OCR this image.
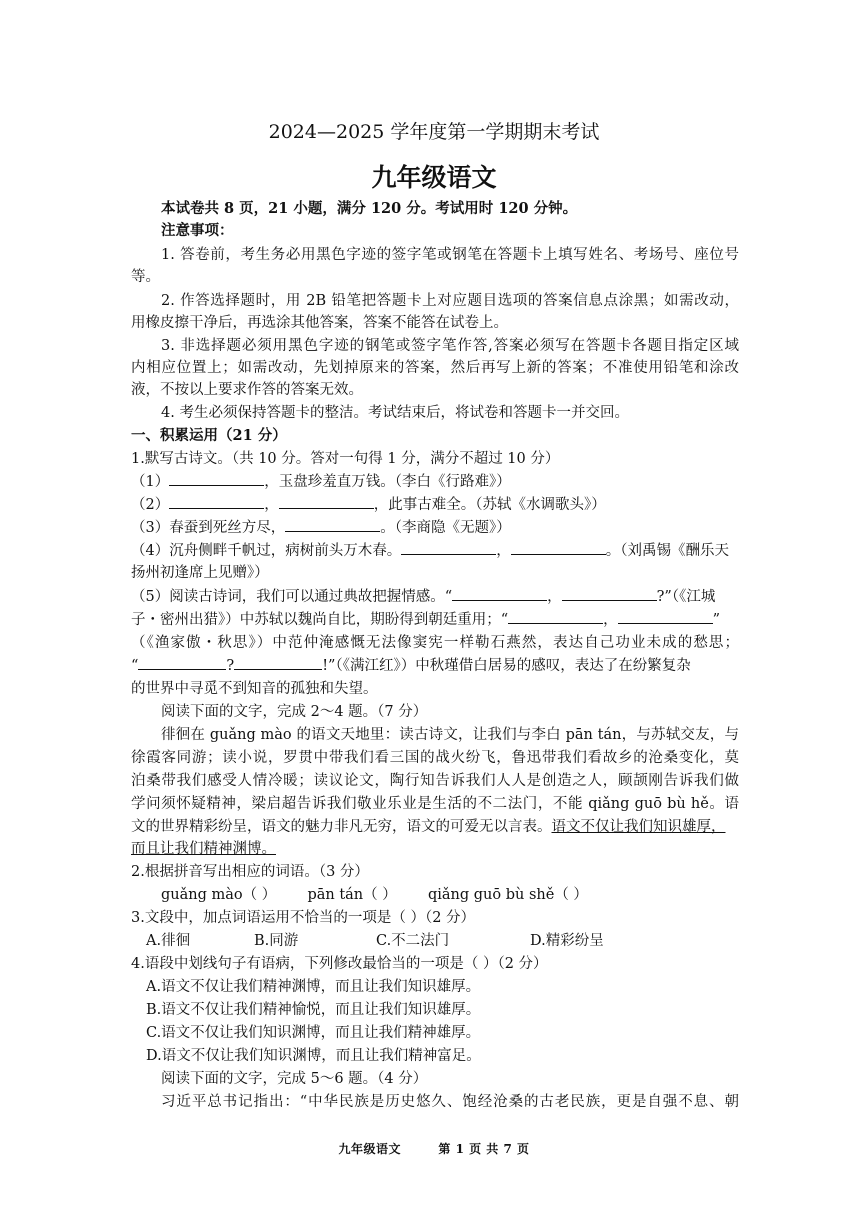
2024—2025 学年度第一学期期末考试
九年级语文
本试卷共 8 页，21 小题，满分 120 分。考试用时 120 分钟。
注意事项：
1. 答卷前，考生务必用黑色字迹的签字笔或钢笔在答题卡上填写姓名、考场号、座位号
等。
2. 作答选择题时，用 2B 铅笔把答题卡上对应题目选项的答案信息点涂黑；如需改动，
用橡皮擦干净后，再选涂其他答案，答案不能答在试卷上。
3. 非选择题必须用黑色字迹的钢笔或签字笔作答,答案必须写在答题卡各题目指定区域
内相应位置上；如需改动，先划掉原来的答案，然后再写上新的答案；不准使用铅笔和涂改
液，不按以上要求作答的答案无效。
4. 考生必须保持答题卡的整洁。考试结束后，将试卷和答题卡一并交回。
一、积累运用（21 分）
1.默写古诗文。（共 10 分。答对一句得 1 分，满分不超过 10 分）
（1）	，玉盘珍羞直万钱。（李白《行路难》）
（2）	，	，此事古难全。（苏轼《水调歌头》）
（3）春蚕到死丝方尽，	。（李商隐《无题》）
（4）沉舟侧畔千帆过，病树前头万木春。	，	。（刘禹锡《酬乐天
扬州初逢席上见赠》）
（5）阅读古诗词，我们可以通过典故把握情感。“	，	?”（《江城
子・密州出猎》）中苏轼以魏尚自比，期盼得到朝廷重用；“	，	”
（《渔家傲・秋思》）中范仲淹感慨无法像窦宪一样勒石燕然，表达自己功业未成的愁思；
“	?	!”（《满江红》）中秋瑾借白居易的感叹，表达了在纷繁复杂
的世界中寻觅不到知音的孤独和失望。
阅读下面的文字，完成 2～4 题。（7 分）
徘徊在 guǎng mào 的语文天地里：读古诗文，让我们与李白 pān tán，与苏轼交友，与
徐霞客同游；读小说，罗贯中带我们看三国的战火纷飞，鲁迅带我们看故乡的沧桑变化，莫
泊桑带我们感受人情冷暖；读议论文，陶行知告诉我们人人是创造之人，顾颉刚告诉我们做
学问须怀疑精神，梁启超告诉我们敬业乐业是生活的不二法门，不能 qiǎng guō bù hě。语
文的世界精彩纷呈，语文的魅力非凡无穷，语文的可爱无以言表。语文不仅让我们知识雄厚，
而且让我们精神渊博。
2.根据拼音写出相应的词语。（3 分）
guǎng mào（ ） pān tán（ ） qiǎng guō bù shě（ ）
3.文段中，加点词语运用不恰当的一项是（ ）（2 分）
A.徘徊	B.同游	C.不二法门	D.精彩纷呈
4.语段中划线句子有语病，下列修改最恰当的一项是（ ）（2 分）
A.语文不仅让我们精神渊博，而且让我们知识雄厚。
B.语文不仅让我们精神愉悦，而且让我们知识雄厚。
C.语文不仅让我们知识渊博，而且让我们精神雄厚。
D.语文不仅让我们知识渊博，而且让我们精神富足。
阅读下面的文字，完成 5～6 题。（4 分）
习近平总书记指出：“中华民族是历史悠久、饱经沧桑的古老民族，更是自强不息、朝
九年级语文        第 1 页 共 7 页
